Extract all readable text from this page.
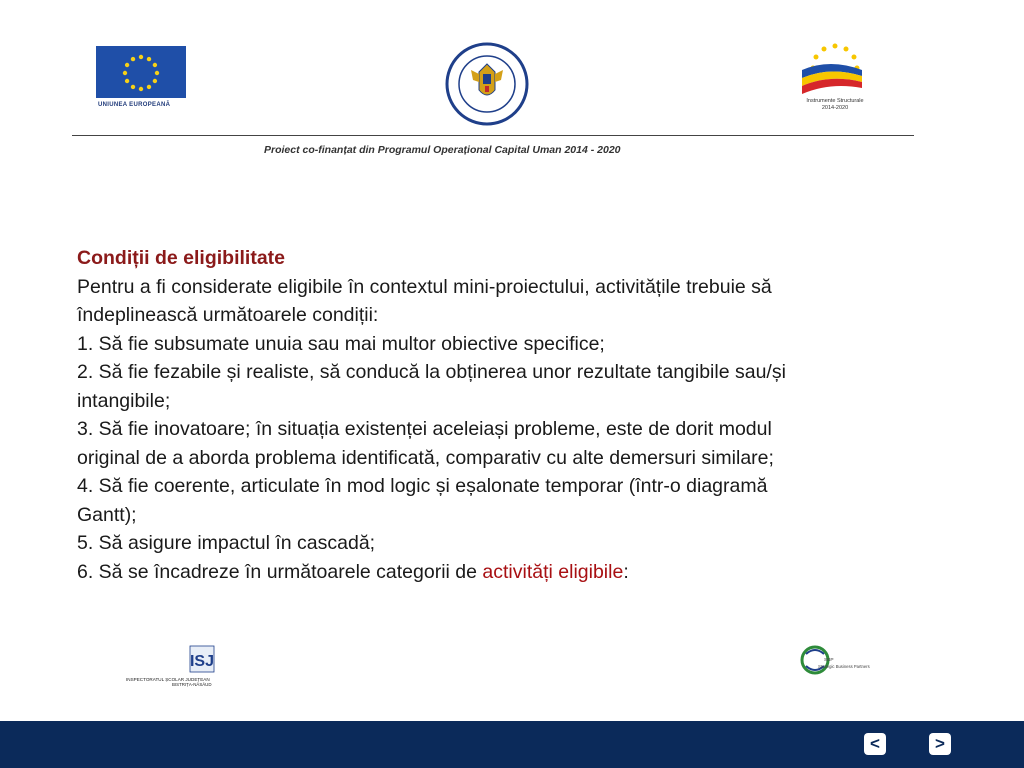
UNIUNEA EUROPEANĂ
Instrumente Structurale
2014-2020
Proiect co-finanțat din Programul Operațional Capital Uman 2014 - 2020
Condiții de eligibilitate
Pentru a fi considerate eligibile în contextul mini-proiectului, activitățile trebuie să
îndeplinească următoarele condiții:
1. Să fie subsumate unuia sau mai multor obiective specifice;
2. Să fie fezabile și realiste, să conducă la obținerea unor rezultate tangibile sau/și
intangibile;
3. Să fie inovatoare; în situația existenței aceleiași probleme, este de dorit modul
original de a aborda problema identificată, comparativ cu alte demersuri similare;
4. Să fie coerente, articulate în mod logic și eșalonate temporar (într-o diagramă
Gantt);
5. Să asigure impactul în cascadă;
6. Să se încadreze în următoarele categorii de activități eligibile:
ISJ
INSPECTORATUL ȘCOLAR JUDEȚEAN
BISTRIȚA-NĂSĂUD
SBP
Strategic Business Partners
<	>
